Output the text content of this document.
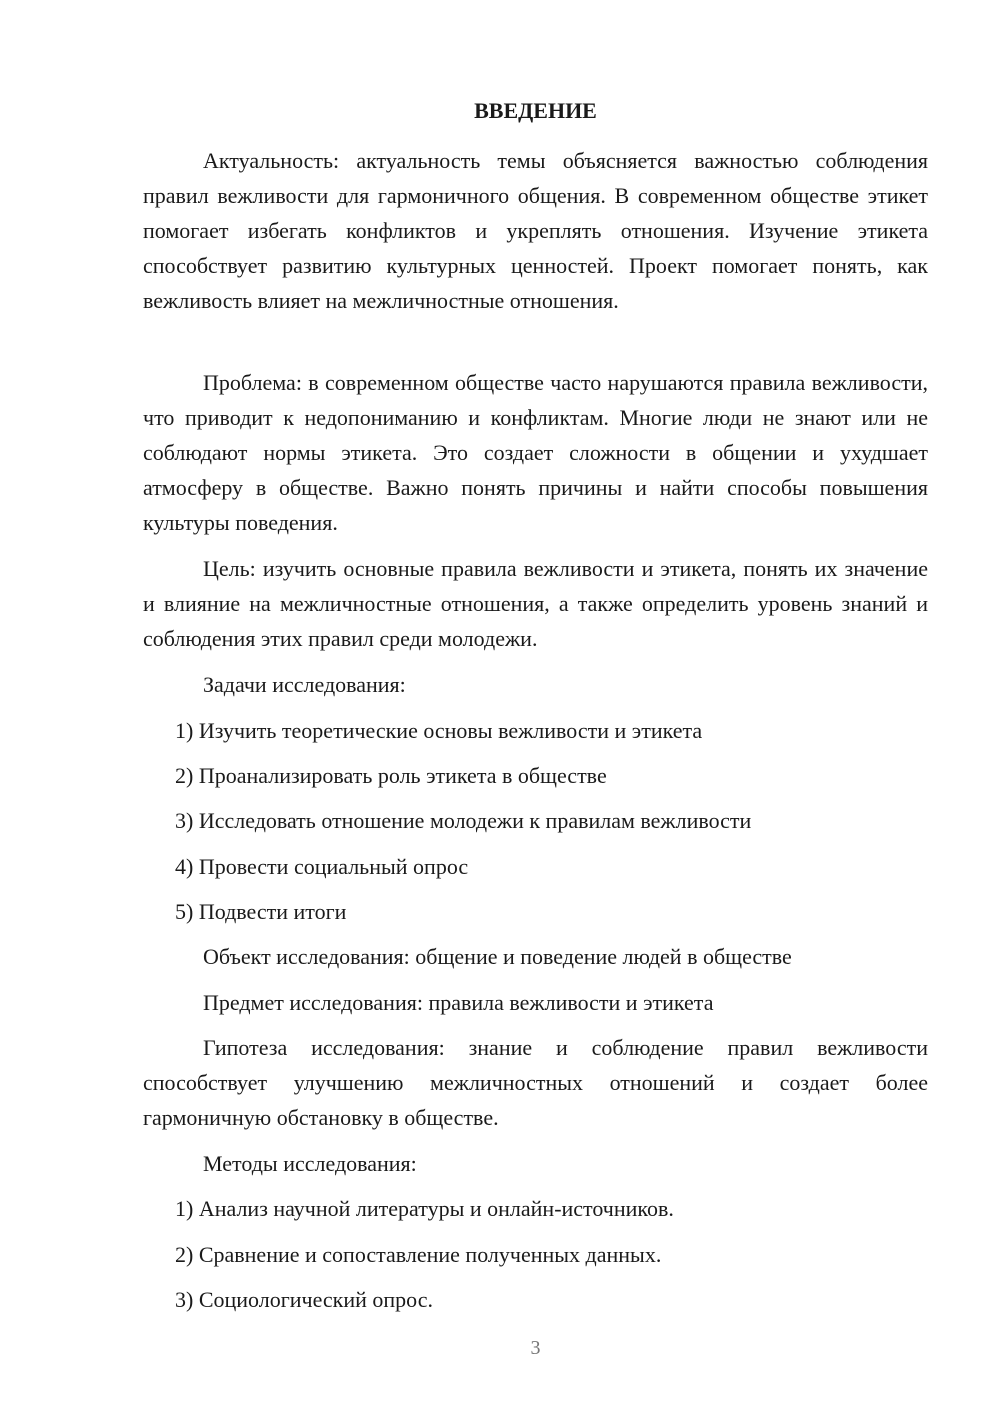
ВВЕДЕНИЕ

Актуальность: актуальность темы объясняется важностью соблюдения правил вежливости для гармоничного общения. В современном обществе этикет помогает избегать конфликтов и укреплять отношения. Изучение этикета способствует развитию культурных ценностей. Проект помогает понять, как вежливость влияет на межличностные отношения.

Проблема: в современном обществе часто нарушаются правила вежливости, что приводит к недопониманию и конфликтам. Многие люди не знают или не соблюдают нормы этикета. Это создает сложности в общении и ухудшает атмосферу в обществе. Важно понять причины и найти способы повышения культуры поведения.

Цель: изучить основные правила вежливости и этикета, понять их значение и влияние на межличностные отношения, а также определить уровень знаний и соблюдения этих правил среди молодежи.

Задачи исследования:
1) Изучить теоретические основы вежливости и этикета
2) Проанализировать роль этикета в обществе
3) Исследовать отношение молодежи к правилам вежливости
4) Провести социальный опрос
5) Подвести итоги
Объект исследования: общение и поведение людей в обществе
Предмет исследования: правила вежливости и этикета

Гипотеза исследования: знание и соблюдение правил вежливости способствует улучшению межличностных отношений и создает более гармоничную обстановку в обществе.

Методы исследования:
1) Анализ научной литературы и онлайн-источников.
2) Сравнение и сопоставление полученных данных.
3) Социологический опрос.
3
